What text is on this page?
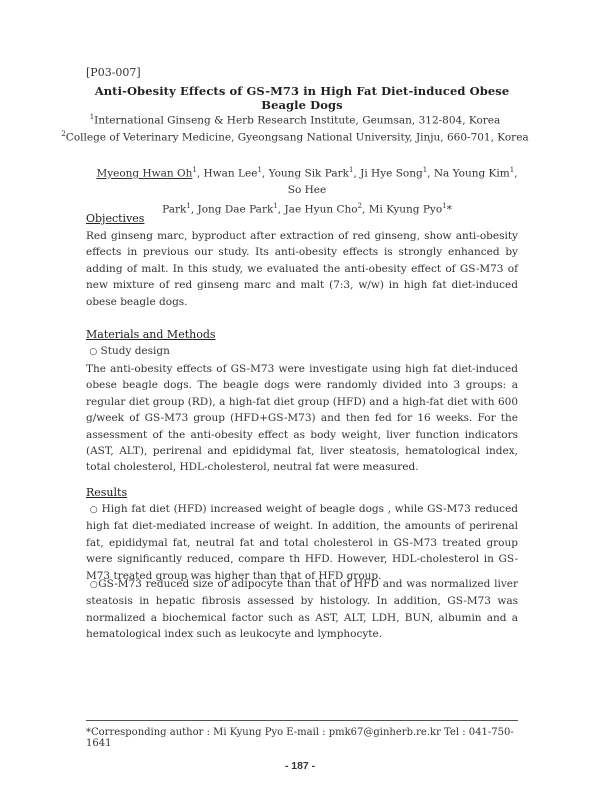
[P03-007]
Anti-Obesity Effects of GS-M73 in High Fat Diet-induced Obese Beagle Dogs
$^1$International Ginseng & Herb Research Institute, Geumsan, 312-804, Korea
$^2$College of Veterinary Medicine, Gyeongsang National University, Jinju, 660-701, Korea
Myeong Hwan Oh$^1$, Hwan Lee$^1$, Young Sik Park$^1$, Ji Hye Song$^1$, Na Young Kim$^1$, So Hee
Park$^1$, Jong Dae Park$^1$, Jae Hyun Cho$^2$, Mi Kyung Pyo$^1$*
Objectives
Red ginseng marc, byproduct after extraction of red ginseng, show anti-obesity effects in previous our study. Its anti-obesity effects is strongly enhanced by adding of malt. In this study, we evaluated the anti-obesity effect of GS-M73 of new mixture of red ginseng marc and malt (7:3, w/w) in high fat diet-induced obese beagle dogs.
Materials and Methods
○ Study design
The anti-obesity effects of GS-M73 were investigate using high fat diet-induced obese beagle dogs. The beagle dogs were randomly divided into 3 groups: a regular diet group (RD), a high-fat diet group (HFD) and a high-fat diet with 600 g/week of GS-M73 group (HFD+GS-M73) and then fed for 16 weeks. For the assessment of the anti-obesity effect as body weight, liver function indicators (AST, ALT), perirenal and epididymal fat, liver steatosis, hematological index, total cholesterol, HDL-cholesterol, neutral fat were measured.
Results
○ High fat diet (HFD) increased weight of beagle dogs , while GS-M73 reduced high fat diet-mediated increase of weight. In addition, the amounts of perirenal fat, epididymal fat, neutral fat and total cholesterol in GS-M73 treated group were significantly reduced, compare th HFD. However, HDL-cholesterol in GS-M73 treated group was higher than that of HFD group.
○GS-M73 reduced size of adipocyte than that of HFD and was normalized liver steatosis in hepatic fibrosis assessed by histology. In addition, GS-M73 was normalized a biochemical factor such as AST, ALT, LDH, BUN, albumin and a hematological index such as leukocyte and lymphocyte.
*Corresponding author : Mi Kyung Pyo E-mail : pmk67@ginherb.re.kr Tel : 041-750-1641
- 187 -
